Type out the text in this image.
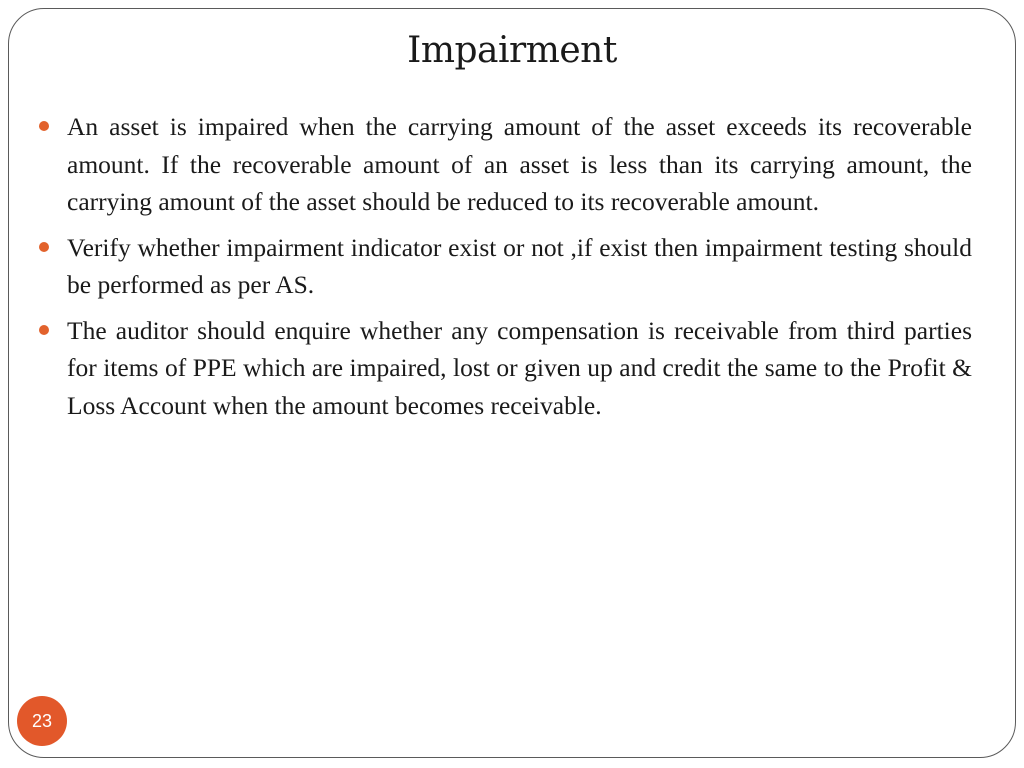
Impairment
An asset is impaired when the carrying amount of the asset exceeds its recoverable amount. If the recoverable amount of an asset is less than its carrying amount, the carrying amount of the asset should be reduced to its recoverable amount.
Verify whether impairment indicator exist or not ,if exist then impairment testing should be performed as per AS.
The auditor should enquire whether any compensation is receivable from third parties for items of PPE which are impaired, lost or given up and credit the same to the Profit & Loss Account when the amount becomes receivable.
23
